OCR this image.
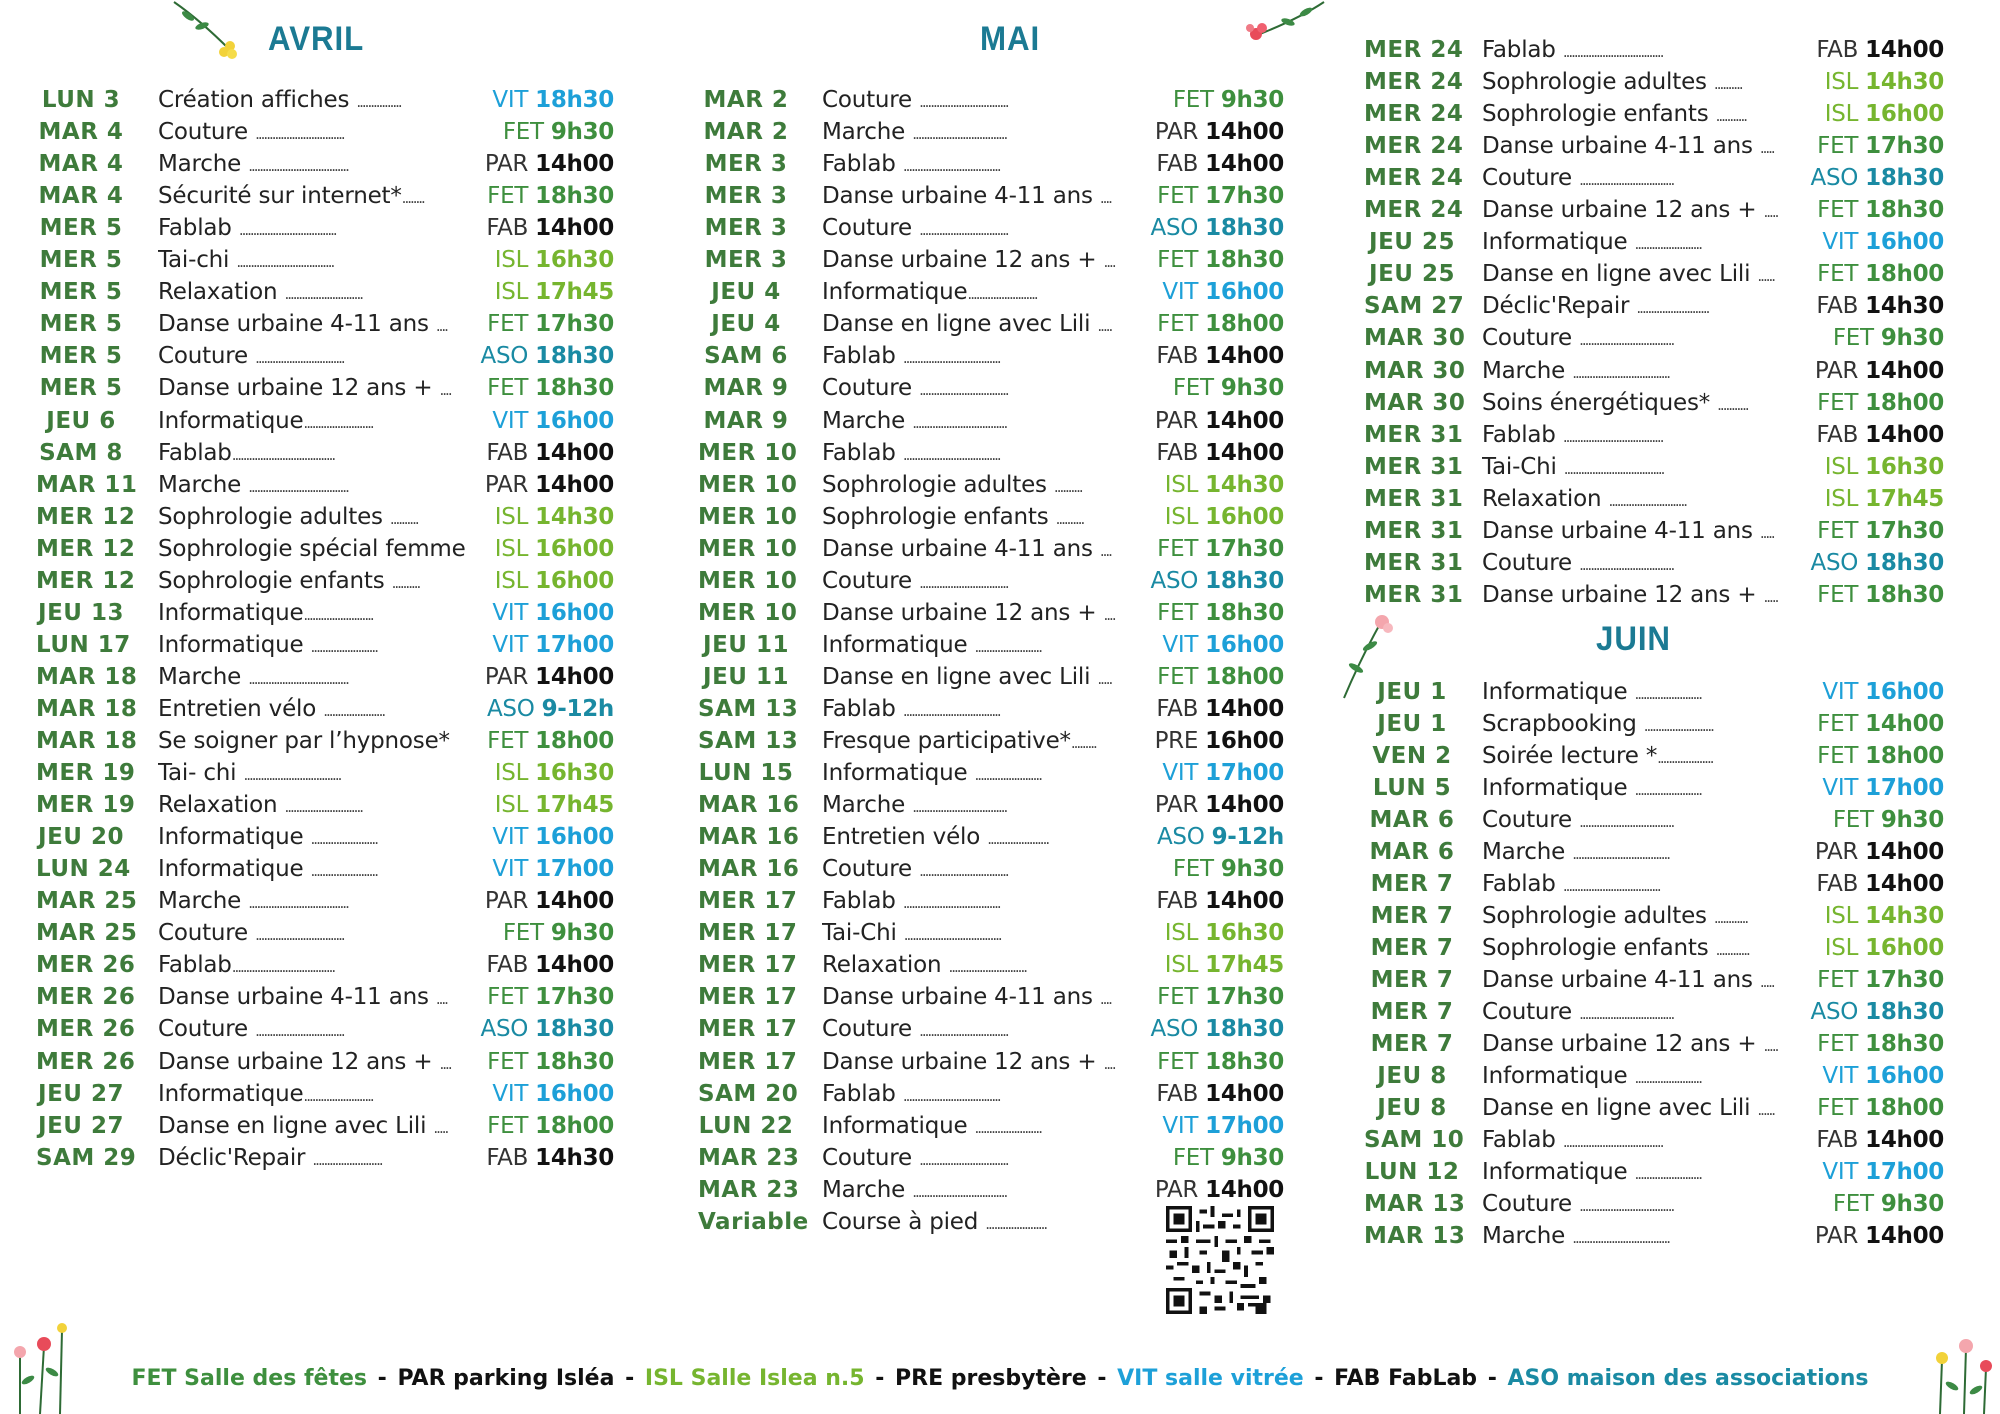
AVRIL	MAI
JUIN
LUN 3 Création affiches ................	VIT 18h30
MAR 4 Couture ................................	FET 9h30
MAR 4 Marche ....................................	PAR 14h00
MAR 4 Sécurité sur internet*........	FET 18h30
MER 5 Fablab ...................................	FAB 14h00
MER 5 Tai-chi ...................................	ISL 16h30
MER 5 Relaxation ............................	ISL 17h45
MER 5 Danse urbaine 4-11 ans ....	FET 17h30
MER 5 Couture ................................	ASO 18h30
MER 5 Danse urbaine 12 ans + ....	FET 18h30
JEU 6	Informatique.........................	VIT 16h00
SAM 8 Fablab.....................................	FAB 14h00
MAR 11 Marche ....................................	PAR 14h00
MER 12 Sophrologie adultes ..........	ISL 14h30
MER 12 Sophrologie spécial femme	ISL 16h00
MER 12 Sophrologie enfants ..........	ISL 16h00
JEU 13 Informatique.........................	VIT 16h00
LUN 17 Informatique ........................	VIT 17h00
MAR 18 Marche ....................................	PAR 14h00
MAR 18 Entretien vélo ......................	ASO 9-12h
MAR 18 Se soigner par l’hypnose*	FET 18h00
MER 19 Tai- chi ...................................	ISL 16h30
MER 19 Relaxation ............................	ISL 17h45
JEU 20 Informatique ........................	VIT 16h00
LUN 24 Informatique ........................	VIT 17h00
MAR 25 Marche ....................................	PAR 14h00
MAR 25 Couture ................................	FET 9h30
MER 26 Fablab.....................................	FAB 14h00
MER 26 Danse urbaine 4-11 ans ....	FET 17h30
MER 26 Couture ................................	ASO 18h30
MER 26 Danse urbaine 12 ans + ....	FET 18h30
JEU 27 Informatique.........................	VIT 16h00
JEU 27 Danse en ligne avec Lili .....	FET 18h00
SAM 29 Déclic'Repair .........................	FAB 14h30
MAR 2 Couture ................................	FET 9h30
MAR 2 Marche ..................................	PAR 14h00
MER 3 Fablab ...................................	FAB 14h00
MER 3 Danse urbaine 4-11 ans ....	FET 17h30
MER 3 Couture ................................	ASO 18h30
MER 3 Danse urbaine 12 ans + ....	FET 18h30
JEU 4	Informatique.........................	VIT 16h00
JEU 4	Danse en ligne avec Lili .....	FET 18h00
SAM 6 Fablab ...................................	FAB 14h00
MAR 9 Couture ................................	FET 9h30
MAR 9 Marche ..................................	PAR 14h00
MER 10 Fablab ...................................	FAB 14h00
MER 10 Sophrologie adultes ..........	ISL 14h30
MER 10 Sophrologie enfants ..........	ISL 16h00
MER 10 Danse urbaine 4-11 ans ....	FET 17h30
MER 10 Couture ................................	ASO 18h30
MER 10 Danse urbaine 12 ans + ....	FET 18h30
JEU 11 Informatique ........................	VIT 16h00
JEU 11 Danse en ligne avec Lili .....	FET 18h00
SAM 13 Fablab ...................................	FAB 14h00
SAM 13 Fresque participative*.........	PRE 16h00
LUN 15 Informatique ........................	VIT 17h00
MAR 16 Marche ..................................	PAR 14h00
MAR 16 Entretien vélo ......................	ASO 9-12h
MAR 16 Couture ................................	FET 9h30
MER 17 Fablab ...................................	FAB 14h00
MER 17 Tai-Chi ...................................	ISL 16h30
MER 17 Relaxation ............................	ISL 17h45
MER 17 Danse urbaine 4-11 ans ....	FET 17h30
MER 17 Couture ................................	ASO 18h30
MER 17 Danse urbaine 12 ans + ....	FET 18h30
SAM 20 Fablab ...................................	FAB 14h00
LUN 22 Informatique ........................	VIT 17h00
MAR 23 Couture ................................	FET 9h30
MAR 23 Marche ..................................	PAR 14h00
Variable Course à pied ......................
MER 24 Fablab ....................................	FAB 14h00
MER 24 Sophrologie adultes ..........	ISL 14h30
MER 24 Sophrologie enfants ...........	ISL 16h00
MER 24 Danse urbaine 4-11 ans .....	FET 17h30
MER 24 Couture ..................................	ASO 18h30
MER 24 Danse urbaine 12 ans + .....	FET 18h30
JEU 25 Informatique ........................	VIT 16h00
JEU 25 Danse en ligne avec Lili ......	FET 18h00
SAM 27 Déclic'Repair ..........................	FAB 14h30
MAR 30 Couture ..................................	FET 9h30
MAR 30 Marche ...................................	PAR 14h00
MAR 30 Soins énergétiques* ...........	FET 18h00
MER 31 Fablab ....................................	FAB 14h00
MER 31 Tai-Chi ....................................	ISL 16h30
MER 31 Relaxation ............................	ISL 17h45
MER 31 Danse urbaine 4-11 ans .....	FET 17h30
MER 31 Couture ..................................	ASO 18h30
MER 31 Danse urbaine 12 ans + .....	FET 18h30
JEU 1	Informatique ........................	VIT 16h00
JEU 1	Scrapbooking .........................	FET 14h00
VEN 2	Soirée lecture *....................	FET 18h00
LUN 5	Informatique ........................	VIT 17h00
MAR 6 Couture ..................................	FET 9h30
MAR 6 Marche ...................................	PAR 14h00
MER 7 Fablab ...................................	FAB 14h00
MER 7 Sophrologie adultes ............	ISL 14h30
MER 7 Sophrologie enfants ............	ISL 16h00
MER 7 Danse urbaine 4-11 ans .....	FET 17h30
MER 7 Couture ..................................	ASO 18h30
MER 7 Danse urbaine 12 ans + .....	FET 18h30
JEU 8	Informatique ........................	VIT 16h00
JEU 8	Danse en ligne avec Lili ......	FET 18h00
SAM 10 Fablab ....................................	FAB 14h00
LUN 12 Informatique ........................	VIT 17h00
MAR 13 Couture ..................................	FET 9h30
MAR 13 Marche ...................................	PAR 14h00
FET Salle des fêtes - PAR parking Isléa - ISL Salle Islea n.5 - PRE presbytère - VIT salle vitrée - FAB FabLab - ASO maison des associations
